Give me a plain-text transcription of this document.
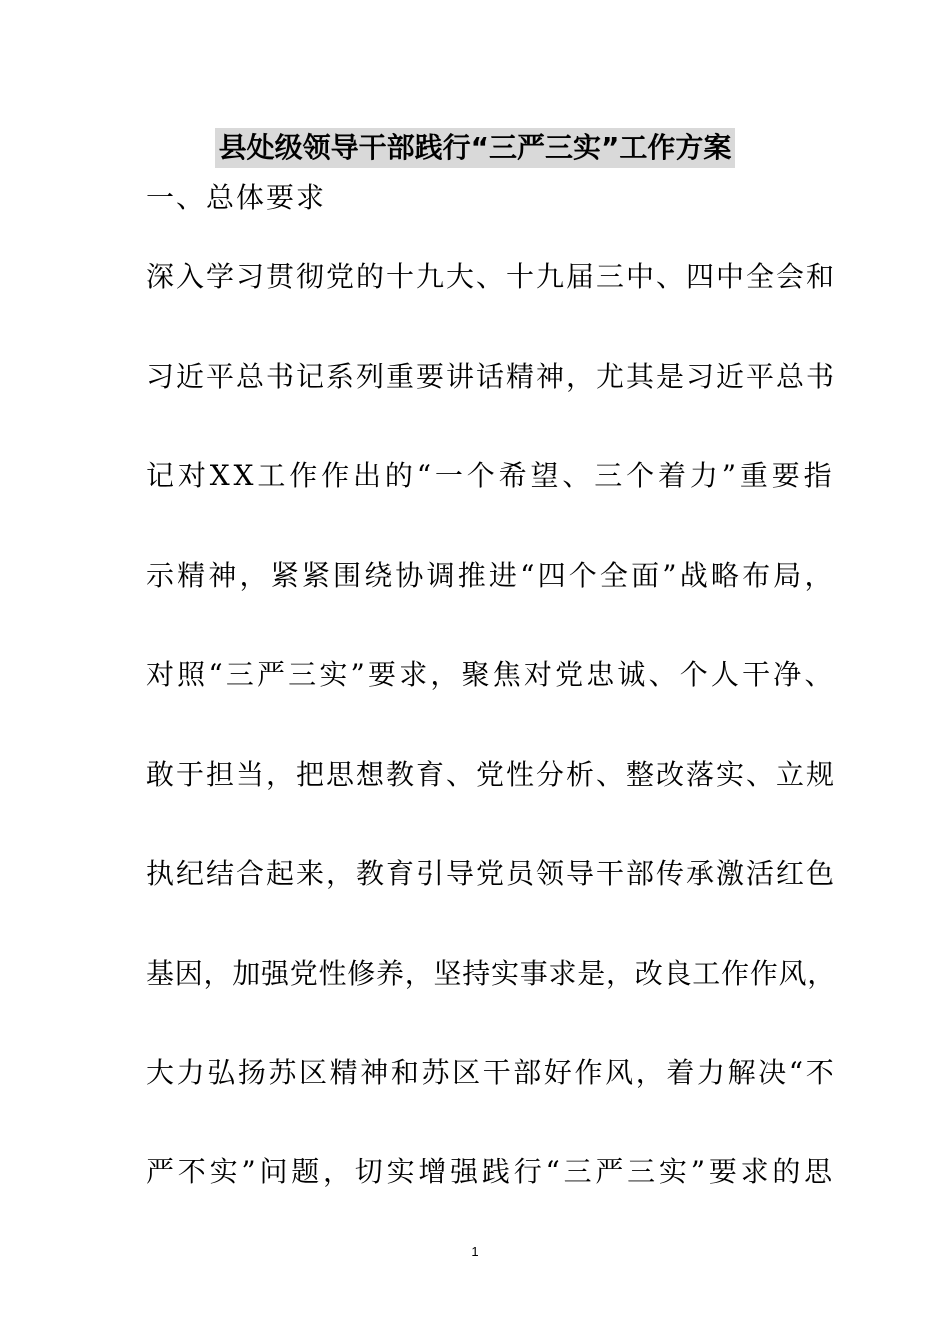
县处级领导干部践行“三严三实”工作方案
一、总体要求
深入学习贯彻党的十九大、十九届三中、四中全会和
习近平总书记系列重要讲话精神，尤其是习近平总书
记对XX工作作出的“一个希望、三个着力”重要指
示精神，紧紧围绕协调推进“四个全面”战略布局，
对照“三严三实”要求，聚焦对党忠诚、个人干净、
敢于担当，把思想教育、党性分析、整改落实、立规
执纪结合起来，教育引导党员领导干部传承激活红色
基因，加强党性修养，坚持实事求是，改良工作作风，
大力弘扬苏区精神和苏区干部好作风，着力解决“不
严不实”问题，切实增强践行“三严三实”要求的思
1
